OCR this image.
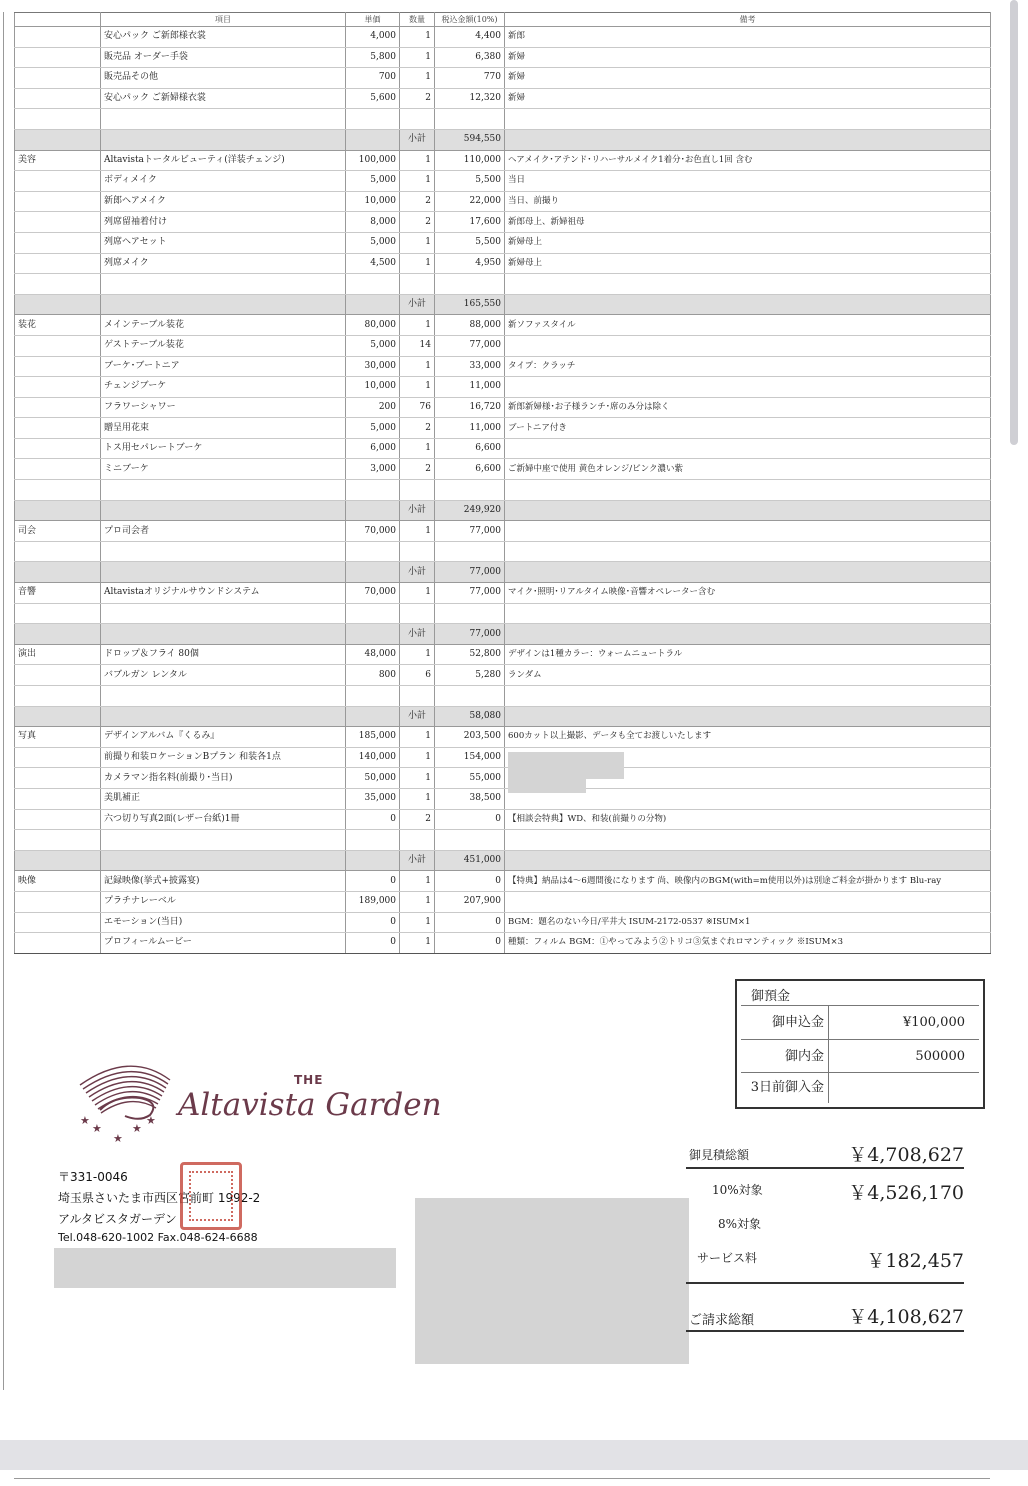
	項目	単価	数量	税込金額(10%)	備考
	安心パック ご新郎様衣裳	4,000	1	4,400	新郎
	販売品 オーダー手袋	5,800	1	6,380	新婦
	販売品その他	700	1	770	新婦
	安心パック ご新婦様衣裳	5,600	2	12,320	新婦

			小計	594,550	
美容	Altavistaトータルビューティ(洋装チェンジ)	100,000	1	110,000	ヘアメイク･アテンド･リハーサルメイク1着分･お色直し1回 含む
	ボディメイク	5,000	1	5,500	当日
	新郎ヘアメイク	10,000	2	22,000	当日、前撮り
	列席留袖着付け	8,000	2	17,600	新郎母上、新婦祖母
	列席ヘアセット	5,000	1	5,500	新婦母上
	列席メイク	4,500	1	4,950	新婦母上

			小計	165,550	
装花	メインテーブル装花	80,000	1	88,000	新ソファスタイル
	ゲストテーブル装花	5,000	14	77,000	
	ブーケ･ブートニア	30,000	1	33,000	タイプ：クラッチ
	チェンジブーケ	10,000	1	11,000	
	フラワーシャワー	200	76	16,720	新郎新婦様･お子様ランチ･席のみ分は除く
	贈呈用花束	5,000	2	11,000	ブートニア付き
	トス用セパレートブーケ	6,000	1	6,600	
	ミニブーケ	3,000	2	6,600	ご新婦中座で使用 黄色オレンジ/ピンク濃い紫

			小計	249,920	
司会	プロ司会者	70,000	1	77,000	

			小計	77,000	
音響	Altavistaオリジナルサウンドシステム	70,000	1	77,000	マイク･照明･リアルタイム映像･音響オペレーター含む

			小計	77,000	
演出	ドロップ＆フライ 80個	48,000	1	52,800	デザインは1種カラー：ウォームニュートラル
	バブルガン レンタル	800	6	5,280	ランダム

			小計	58,080	
写真	デザインアルバム『くるみ』	185,000	1	203,500	600カット以上撮影、データも全てお渡しいたします
	前撮り和装ロケーションBプラン 和装各1点	140,000	1	154,000	
	カメラマン指名料(前撮り･当日)	50,000	1	55,000	
	美肌補正	35,000	1	38,500	
	六つ切り写真2面(レザー台紙)1冊	0	2	0	【相談会特典】WD、和装(前撮りの分物)

			小計	451,000	
映像	記録映像(挙式+披露宴)	0	1	0	【特典】納品は4～6週間後になります 尚、映像内のBGM(with=m使用以外)は別途ご料金が掛かります Blu-ray
	プラチナレーベル	189,000	1	207,900	
	エモーション(当日)	0	1	0	BGM：題名のない今日/平井大 ISUM-2172-0537 ※ISUM×1
	プロフィールムービー	0	1	0	種類：フィルム BGM：①やってみよう②トリコ③気まぐれロマンティック ※ISUM×3
御預金
御申込金	¥100,000
御内金	500000
3日前御入金
★
★
★
★
★
THE
Altavista Garden
〒331-0046
埼玉県さいたま市西区宮前町 1992-2
アルタビスタガーデン
Tel.048-620-1002 Fax.048-624-6688
御見積総額	￥4,708,627
10%対象	￥4,526,170
8%対象
サービス料	￥182,457
ご請求総額	￥4,108,627
